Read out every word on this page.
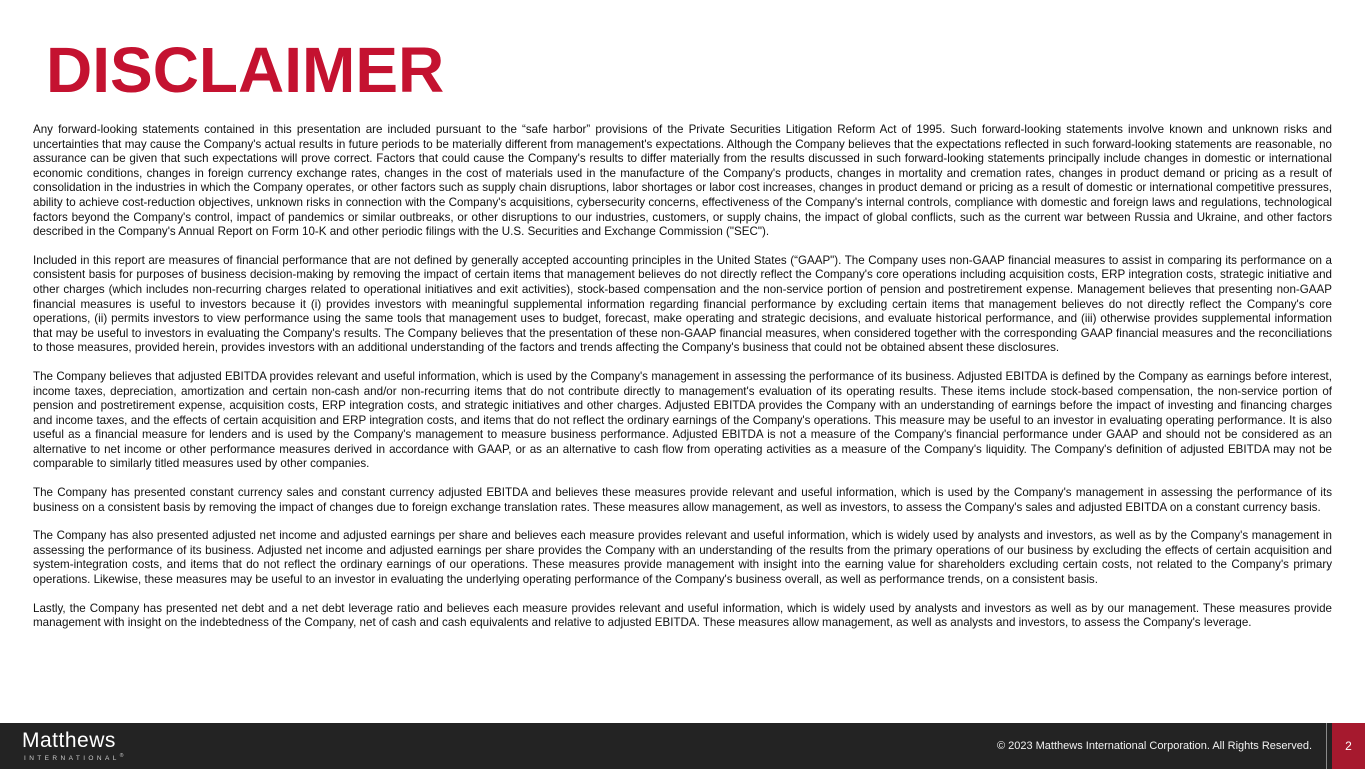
DISCLAIMER

Any forward-looking statements contained in this presentation are included pursuant to the “safe harbor” provisions of the Private Securities Litigation Reform Act of 1995. Such forward-looking statements involve known and unknown risks and uncertainties that may cause the Company's actual results in future periods to be materially different from management's expectations. Although the Company believes that the expectations reflected in such forward-looking statements are reasonable, no assurance can be given that such expectations will prove correct. Factors that could cause the Company's results to differ materially from the results discussed in such forward-looking statements principally include changes in domestic or international economic conditions, changes in foreign currency exchange rates, changes in the cost of materials used in the manufacture of the Company's products, changes in mortality and cremation rates, changes in product demand or pricing as a result of consolidation in the industries in which the Company operates, or other factors such as supply chain disruptions, labor shortages or labor cost increases, changes in product demand or pricing as a result of domestic or international competitive pressures, ability to achieve cost-reduction objectives, unknown risks in connection with the Company's acquisitions, cybersecurity concerns, effectiveness of the Company's internal controls, compliance with domestic and foreign laws and regulations, technological factors beyond the Company's control, impact of pandemics or similar outbreaks, or other disruptions to our industries, customers, or supply chains, the impact of global conflicts, such as the current war between Russia and Ukraine, and other factors described in the Company's Annual Report on Form 10-K and other periodic filings with the U.S. Securities and Exchange Commission ("SEC").

Included in this report are measures of financial performance that are not defined by generally accepted accounting principles in the United States (“GAAP"). The Company uses non-GAAP financial measures to assist in comparing its performance on a consistent basis for purposes of business decision-making by removing the impact of certain items that management believes do not directly reflect the Company's core operations including acquisition costs, ERP integration costs, strategic initiative and other charges (which includes non-recurring charges related to operational initiatives and exit activities), stock-based compensation and the non-service portion of pension and postretirement expense. Management believes that presenting non-GAAP financial measures is useful to investors because it (i) provides investors with meaningful supplemental information regarding financial performance by excluding certain items that management believes do not directly reflect the Company's core operations, (ii) permits investors to view performance using the same tools that management uses to budget, forecast, make operating and strategic decisions, and evaluate historical performance, and (iii) otherwise provides supplemental information that may be useful to investors in evaluating the Company's results. The Company believes that the presentation of these non-GAAP financial measures, when considered together with the corresponding GAAP financial measures and the reconciliations to those measures, provided herein, provides investors with an additional understanding of the factors and trends affecting the Company's business that could not be obtained absent these disclosures.

The Company believes that adjusted EBITDA provides relevant and useful information, which is used by the Company's management in assessing the performance of its business. Adjusted EBITDA is defined by the Company as earnings before interest, income taxes, depreciation, amortization and certain non-cash and/or non-recurring items that do not contribute directly to management's evaluation of its operating results. These items include stock-based compensation, the non-service portion of pension and postretirement expense, acquisition costs, ERP integration costs, and strategic initiatives and other charges. Adjusted EBITDA provides the Company with an understanding of earnings before the impact of investing and financing charges and income taxes, and the effects of certain acquisition and ERP integration costs, and items that do not reflect the ordinary earnings of the Company's operations. This measure may be useful to an investor in evaluating operating performance. It is also useful as a financial measure for lenders and is used by the Company's management to measure business performance. Adjusted EBITDA is not a measure of the Company's financial performance under GAAP and should not be considered as an alternative to net income or other performance measures derived in accordance with GAAP, or as an alternative to cash flow from operating activities as a measure of the Company's liquidity. The Company's definition of adjusted EBITDA may not be comparable to similarly titled measures used by other companies.

The Company has presented constant currency sales and constant currency adjusted EBITDA and believes these measures provide relevant and useful information, which is used by the Company's management in assessing the performance of its business on a consistent basis by removing the impact of changes due to foreign exchange translation rates. These measures allow management, as well as investors, to assess the Company's sales and adjusted EBITDA on a constant currency basis.

The Company has also presented adjusted net income and adjusted earnings per share and believes each measure provides relevant and useful information, which is widely used by analysts and investors, as well as by the Company's management in assessing the performance of its business. Adjusted net income and adjusted earnings per share provides the Company with an understanding of the results from the primary operations of our business by excluding the effects of certain acquisition and system-integration costs, and items that do not reflect the ordinary earnings of our operations. These measures provide management with insight into the earning value for shareholders excluding certain costs, not related to the Company's primary operations. Likewise, these measures may be useful to an investor in evaluating the underlying operating performance of the Company's business overall, as well as performance trends, on a consistent basis.

Lastly, the Company has presented net debt and a net debt leverage ratio and believes each measure provides relevant and useful information, which is widely used by analysts and investors as well as by our management. These measures provide management with insight on the indebtedness of the Company, net of cash and cash equivalents and relative to adjusted EBITDA. These measures allow management, as well as analysts and investors, to assess the Company's leverage.

Matthews
INTERNATIONAL®
© 2023 Matthews International Corporation. All Rights Reserved.	2
